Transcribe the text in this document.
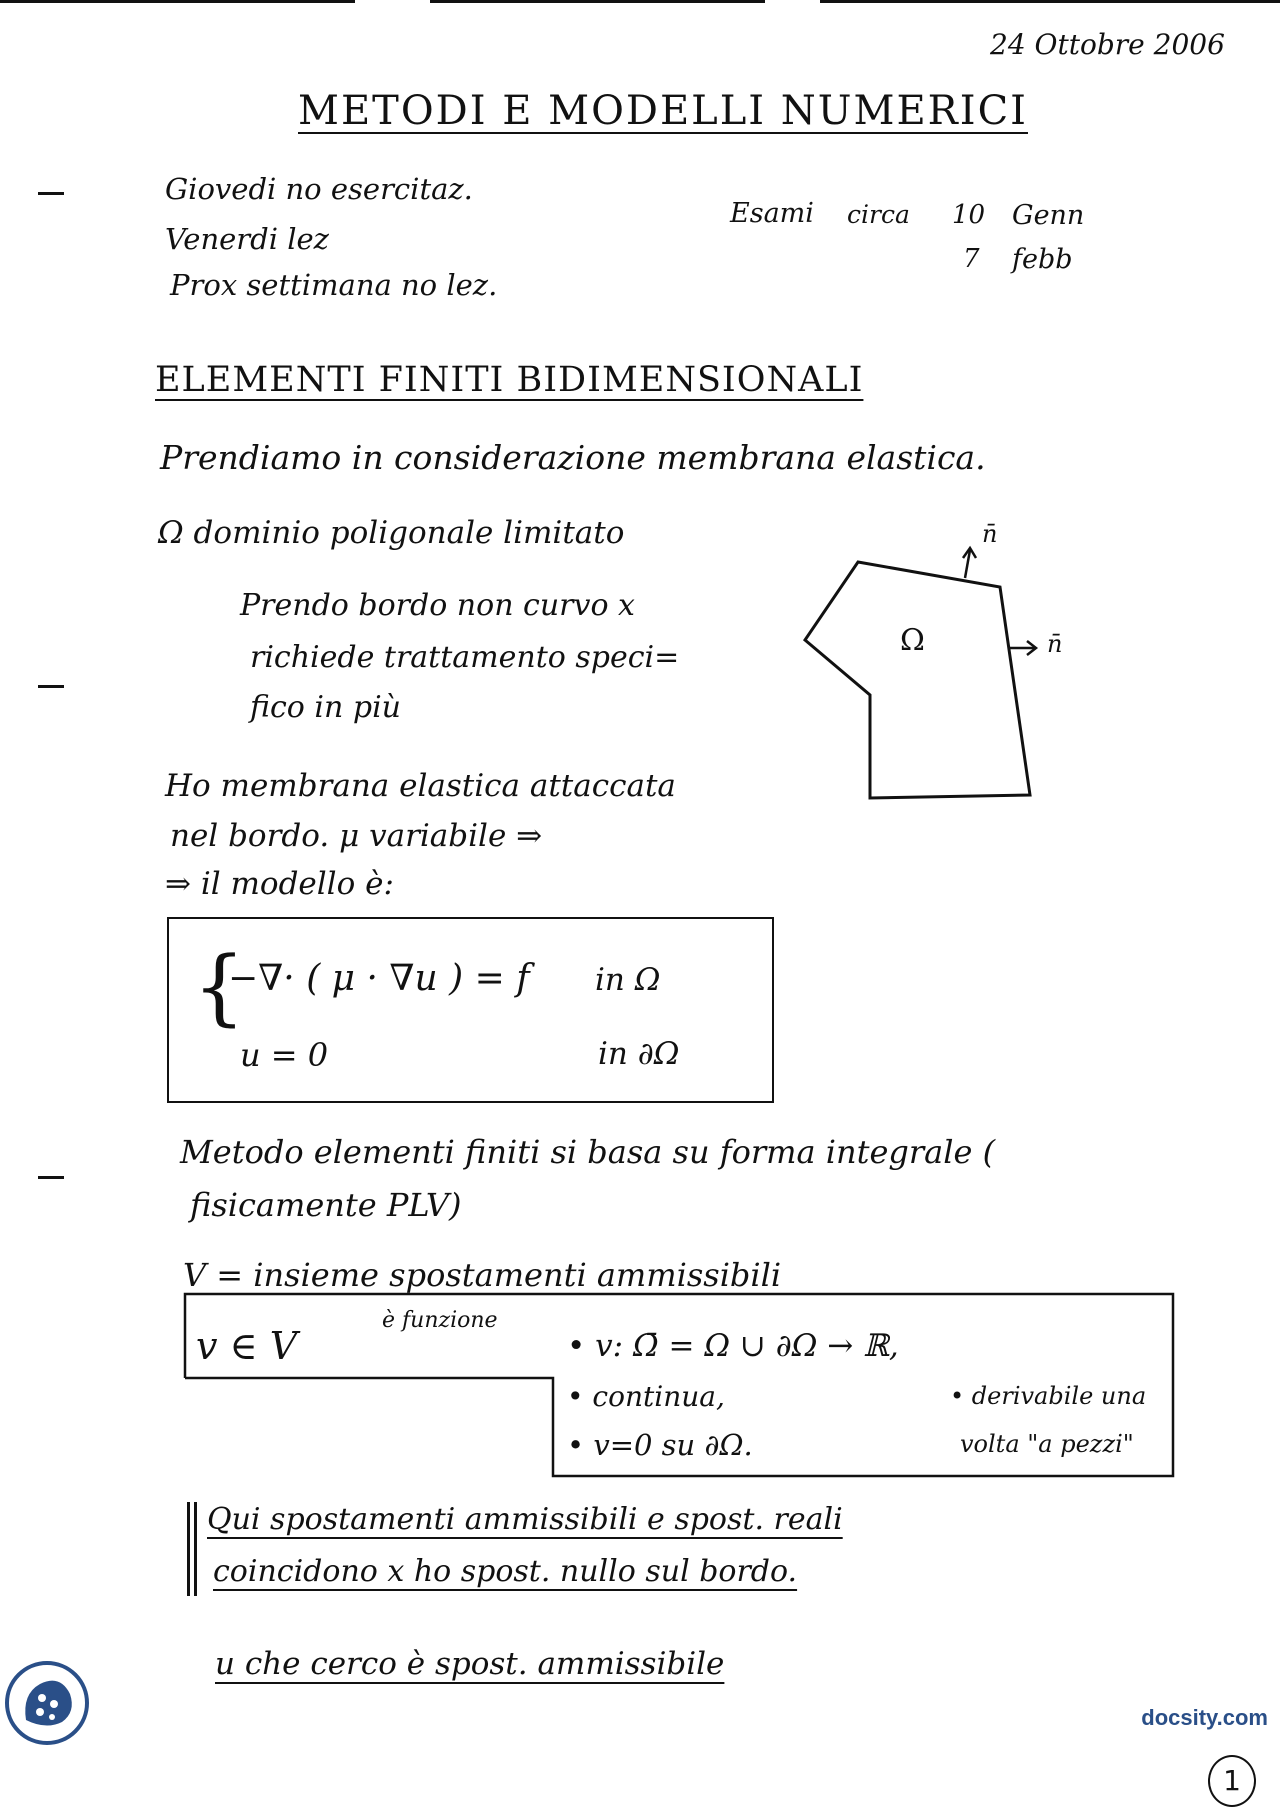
24 Ottobre 2006
METODI E MODELLI NUMERICI
Giovedi no esercitaz.
Venerdi lez
Prox settimana no lez.
Esami circa 10 Genn
7 febb
ELEMENTI FINITI BIDIMENSIONALI
Prendiamo in considerazione membrana elastica.
Ω dominio poligonale limitato
Prendo bordo non curvo x
richiede trattamento speci=
fico in più
Ω
n̄
n̄
Ho membrana elastica attaccata
nel bordo. μ variabile ⇒
⇒ il modello è:
{
−∇· ( μ · ∇u ) = f in Ω
u = 0	in ∂Ω
Metodo elementi finiti si basa su forma integrale (
fisicamente PLV)
V = insieme spostamenti ammissibili
v ∈ V
è funzione
• v: Ω̄ = Ω ∪ ∂Ω → ℝ,
• continua,
• v=0 su ∂Ω.
• derivabile una
volta "a pezzi"
Qui spostamenti ammissibili e spost. reali
coincidono x ho spost. nullo sul bordo.
u che cerco è spost. ammissibile
docsity.com
1
